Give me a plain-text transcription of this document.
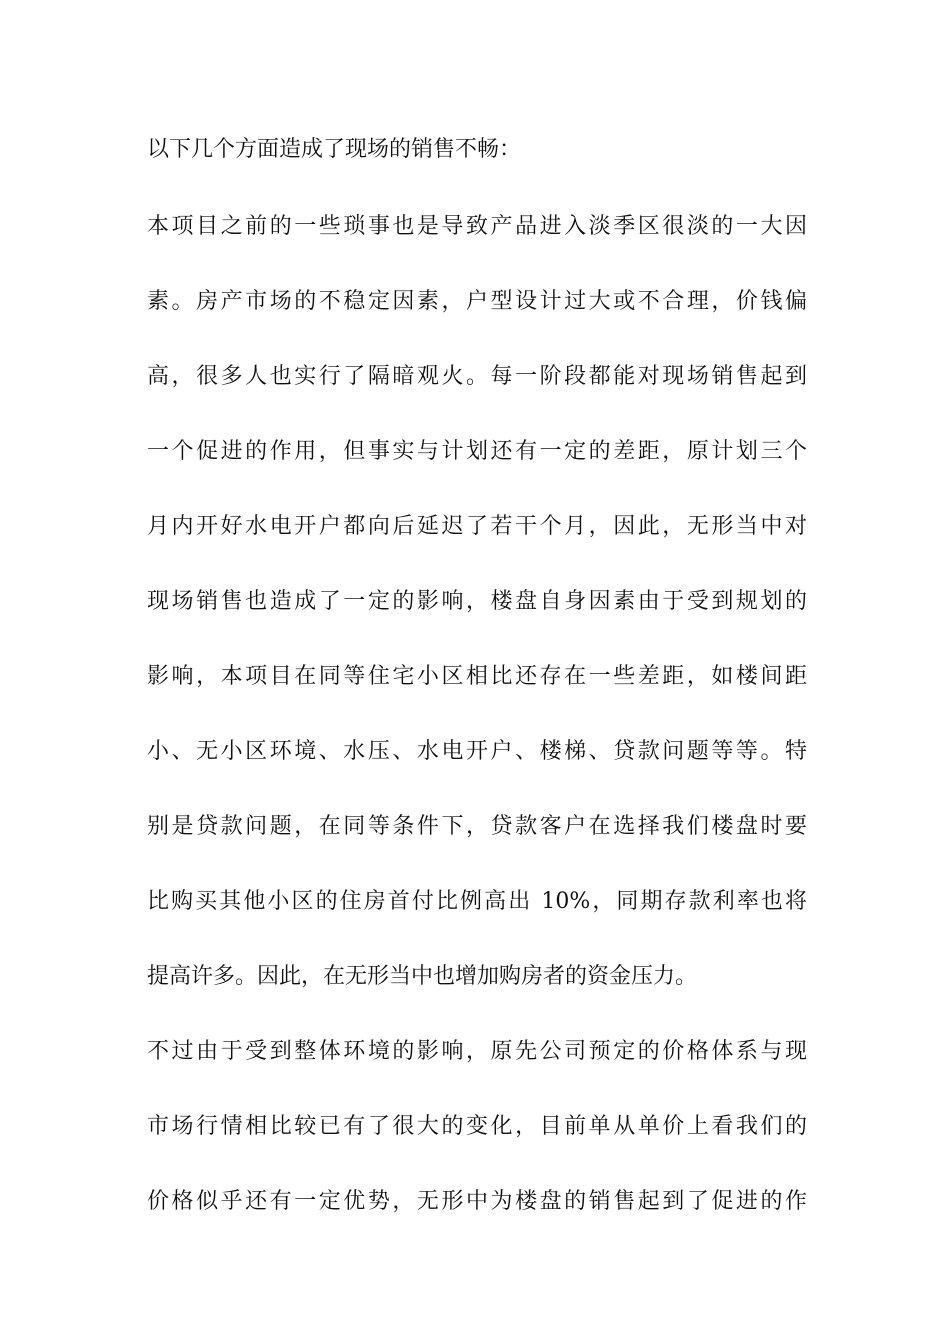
以下几个方面造成了现场的销售不畅：
本项目之前的一些琐事也是导致产品进入淡季区很淡的一大因
素。房产市场的不稳定因素，户型设计过大或不合理，价钱偏
高，很多人也实行了隔暗观火。每一阶段都能对现场销售起到
一个促进的作用，但事实与计划还有一定的差距，原计划三个
月内开好水电开户都向后延迟了若干个月，因此，无形当中对
现场销售也造成了一定的影响，楼盘自身因素由于受到规划的
影响，本项目在同等住宅小区相比还存在一些差距，如楼间距
小、无小区环境、水压、水电开户、楼梯、贷款问题等等。特
别是贷款问题，在同等条件下，贷款客户在选择我们楼盘时要
比购买其他小区的住房首付比例高出 10%，同期存款利率也将
提高许多。因此，在无形当中也增加购房者的资金压力。
不过由于受到整体环境的影响，原先公司预定的价格体系与现
市场行情相比较已有了很大的变化，目前单从单价上看我们的
价格似乎还有一定优势，无形中为楼盘的销售起到了促进的作
